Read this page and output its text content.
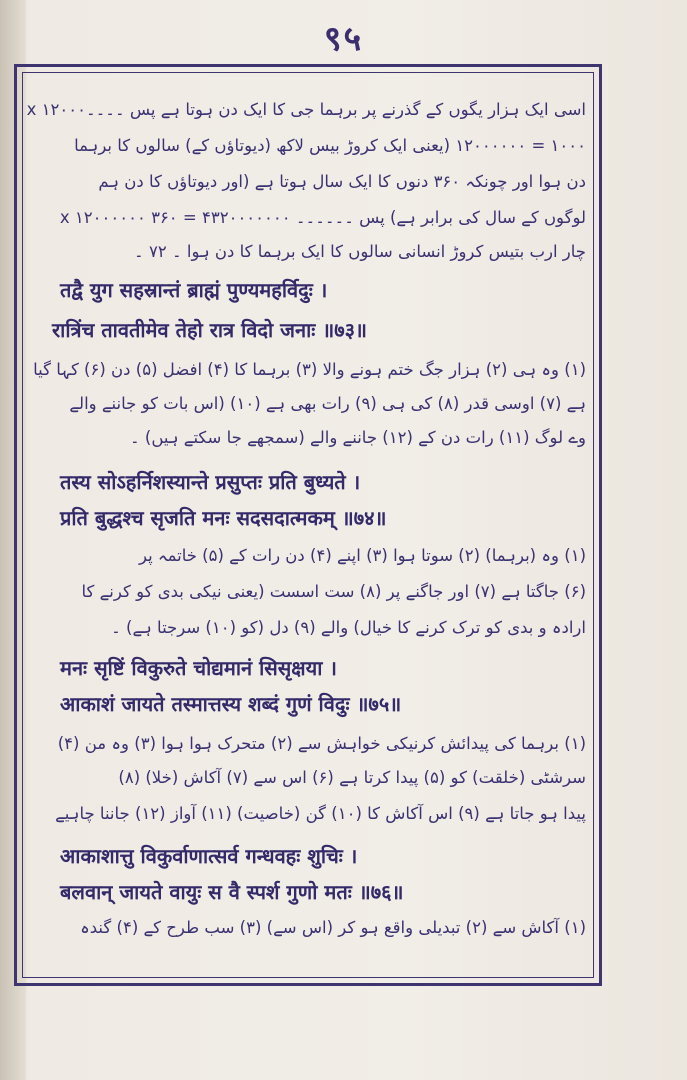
९५
اسی ایک ہزار یگوں کے گذرنے پر برہما جی کا ایک دن ہوتا ہے پس ۔۔۔۔۱۲۰۰۰ x
۱۰۰۰ = ۱۲۰۰۰۰۰۰ (یعنی ایک کروڑ بیس لاکھ (دیوتاؤں کے) سالوں کا برہما
دن ہوا اور چونکہ ۳۶۰ دنوں کا ایک سال ہوتا ہے (اور دیوتاؤں کا دن ہم
لوگوں کے سال کی برابر ہے) پس ۔۔۔۔۔۔ ۴۳۲۰۰۰۰۰۰۰ = ۳۶۰ x ۱۲۰۰۰۰۰۰
چار ارب بتیس کروڑ انسانی سالوں کا ایک برہما کا دن ہوا ۔ ۷۲ ۔
तद्वै युग सहस्रान्तं ब्राह्मं पुण्यमहर्विदुः ।
रात्रिंच तावतीमेव तेहो रात्र विदो जनाः ॥७३॥
(۱) وہ ہی (۲) ہزار جگ ختم ہونے والا (۳) برہما کا (۴) افضل (۵) دن (۶) کہا گیا
ہے (۷) اوسی قدر (۸) کی ہی (۹) رات بھی ہے (۱۰) (اس بات کو جاننے والے
وے لوگ (۱۱) رات دن کے (۱۲) جاننے والے (سمجھے جا سکتے ہیں) ۔
तस्य सोऽहर्निशस्यान्ते प्रसुप्तः प्रति बुध्यते ।
प्रति बुद्धश्च सृजति मनः सदसदात्मकम् ॥७४॥
(۱) وہ (برہما) (۲) سوتا ہوا (۳) اپنے (۴) دن رات کے (۵) خاتمہ پر
(۶) جاگتا ہے (۷) اور جاگنے پر (۸) ست اسست (یعنی نیکی بدی کو کرنے کا
ارادہ و بدی کو ترک کرنے کا خیال) والے (۹) دل (کو (۱۰) سرجتا ہے) ۔
मनः सृष्टिं विकुरुते चोद्यमानं सिसृक्षया ।
आकाशं जायते तस्मात्तस्य शब्दं गुणं विदुः ॥७५॥
(۱) برہما کی پیدائش کرنیکی خواہش سے (۲) متحرک ہوا ہوا (۳) وہ من (۴)
سرشٹی (خلقت) کو (۵) پیدا کرتا ہے (۶) اس سے (۷) آکاش (خلا) (۸)
پیدا ہو جاتا ہے (۹) اس آکاش کا (۱۰) گن (خاصیت) (۱۱) آواز (۱۲) جاننا چاہیے
आकाशात्तु विकुर्वाणात्सर्व गन्धवहः शुचिः ।
बलवान् जायते वायुः स वै स्पर्श गुणो मतः ॥७६॥
(۱) آکاش سے (۲) تبدیلی واقع ہو کر (اس سے) (۳) سب طرح کے (۴) گندہ
